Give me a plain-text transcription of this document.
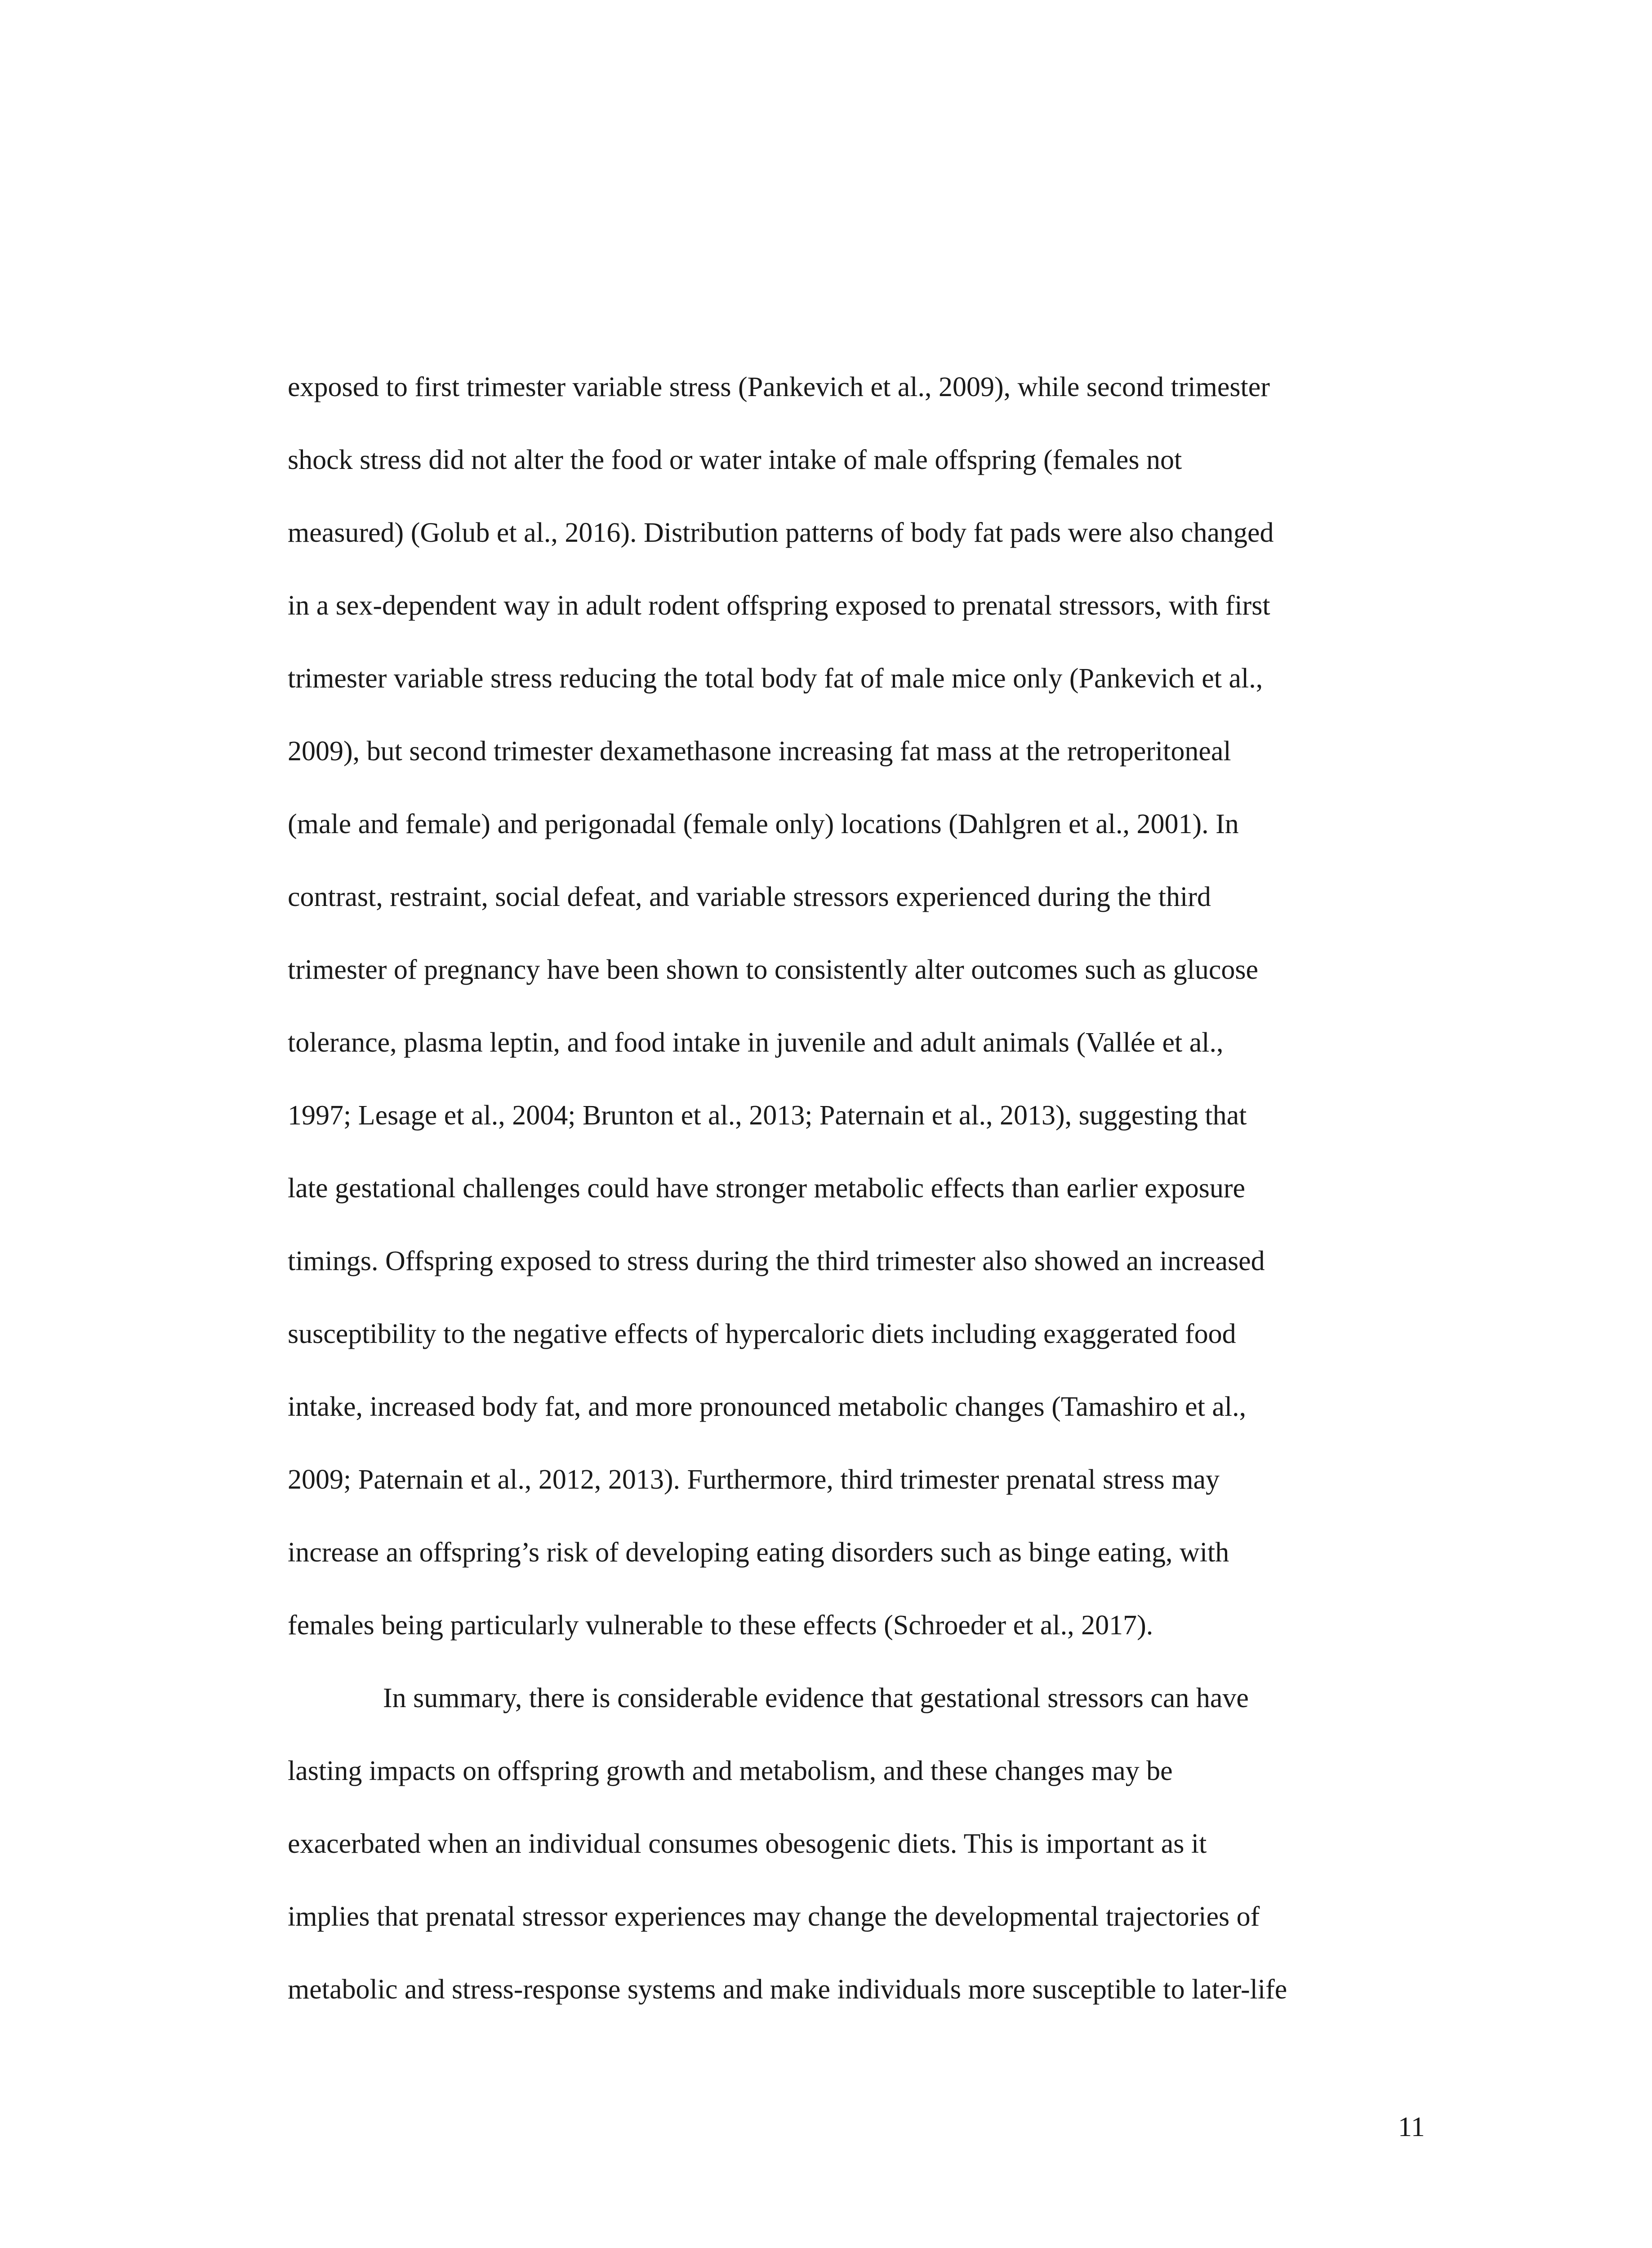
exposed to first trimester variable stress (Pankevich et al., 2009), while second trimester
shock stress did not alter the food or water intake of male offspring (females not
measured) (Golub et al., 2016). Distribution patterns of body fat pads were also changed
in a sex-dependent way in adult rodent offspring exposed to prenatal stressors, with first
trimester variable stress reducing the total body fat of male mice only (Pankevich et al.,
2009), but second trimester dexamethasone increasing fat mass at the retroperitoneal
(male and female) and perigonadal (female only) locations (Dahlgren et al., 2001). In
contrast, restraint, social defeat, and variable stressors experienced during the third
trimester of pregnancy have been shown to consistently alter outcomes such as glucose
tolerance, plasma leptin, and food intake in juvenile and adult animals (Vallée et al.,
1997; Lesage et al., 2004; Brunton et al., 2013; Paternain et al., 2013), suggesting that
late gestational challenges could have stronger metabolic effects than earlier exposure
timings. Offspring exposed to stress during the third trimester also showed an increased
susceptibility to the negative effects of hypercaloric diets including exaggerated food
intake, increased body fat, and more pronounced metabolic changes (Tamashiro et al.,
2009; Paternain et al., 2012, 2013). Furthermore, third trimester prenatal stress may
increase an offspring’s risk of developing eating disorders such as binge eating, with
females being particularly vulnerable to these effects (Schroeder et al., 2017).
In summary, there is considerable evidence that gestational stressors can have
lasting impacts on offspring growth and metabolism, and these changes may be
exacerbated when an individual consumes obesogenic diets. This is important as it
implies that prenatal stressor experiences may change the developmental trajectories of
metabolic and stress-response systems and make individuals more susceptible to later-life
11
